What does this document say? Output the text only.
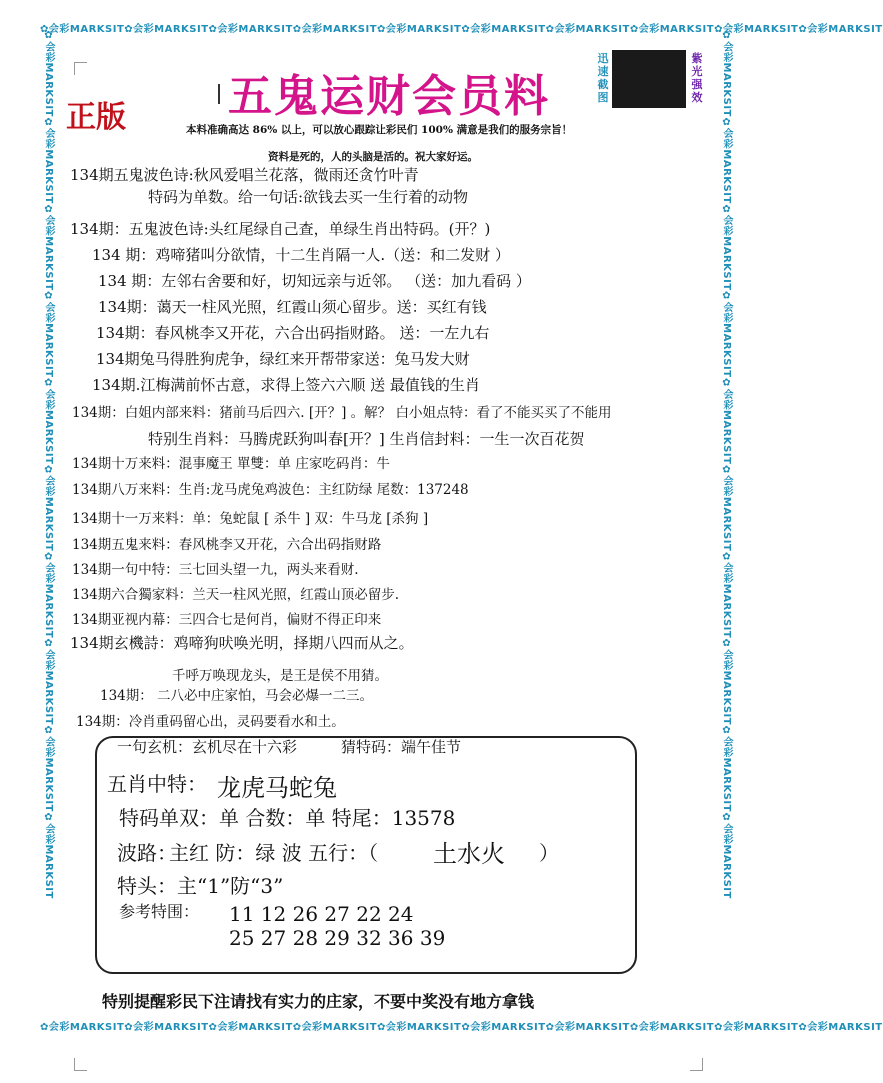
✿会彩MARKSIT✿会彩MARKSIT✿会彩MARKSIT✿会彩MARKSIT✿会彩MARKSIT✿会彩MARKSIT✿会彩MARKSIT✿会彩MARKSIT✿会彩MARKSIT✿会彩MARKSIT
✿会彩MARKSIT✿会彩MARKSIT✿会彩MARKSIT✿会彩MARKSIT✿会彩MARKSIT✿会彩MARKSIT✿会彩MARKSIT✿会彩MARKSIT✿会彩MARKSIT✿会彩MARKSIT
✿会彩MARKSIT✿会彩MARKSIT✿会彩MARKSIT✿会彩MARKSIT✿会彩MARKSIT✿会彩MARKSIT✿会彩MARKSIT✿会彩MARKSIT✿会彩MARKSIT✿会彩MARKSIT	✿会彩MARKSIT✿会彩MARKSIT✿会彩MARKSIT✿会彩MARKSIT✿会彩MARKSIT✿会彩MARKSIT✿会彩MARKSIT✿会彩MARKSIT✿会彩MARKSIT✿会彩MARKSIT
五鬼运财会员料
正版
迅速截图
紫光强效
本料准确高达 86% 以上，可以放心跟踪让彩民们 100% 满意是我们的服务宗旨！
资料是死的，人的头脑是活的。祝大家好运。
134期五鬼波色诗:秋风爱唱兰花落，微雨还贪竹叶青
特码为单数。给一句话:欲钱去买一生行着的动物
134期：五鬼波色诗:头红尾绿自己查，单绿生肖出特码。(开？)
134 期：鸡啼猪叫分欲情，十二生肖隔一人.（送：和二发财 ）
134 期：左邻右舍要和好，切知远亲与近邻。 （送：加九看码 ）
134期：蔼天一柱风光照，红霞山须心留步。送：买红有钱
134期：春风桃李又开花，六合出码指财路。 送：一左九右
134期兔马得胜狗虎争，绿红来开帮带家送：兔马发大财
134期.江梅满前怀古意，求得上签六六顺 送 最值钱的生肖
134期：白姐内部来料：猪前马后四六. [开？] 。解？ 白小姐点特：看了不能买买了不能用
特别生肖料：马腾虎跃狗叫春[开？] 生肖信封料：一生一次百花贺
134期十万来料：混事魔王 單雙：单 庄家吃码肖：牛
134期八万来料：生肖:龙马虎兔鸡波色：主红防绿 尾数：137248
134期十一万来料：单：兔蛇鼠 [ 杀牛 ] 双：牛马龙 [杀狗 ]
134期五鬼来料：春风桃李又开花，六合出码指财路
134期一句中特：三七回头望一九，两头来看财.
134期六合獨家料：兰天一柱风光照，红霞山顶必留步.
134期亚视内幕：三四合七是何肖，偏财不得正印来
134期玄機詩：鸡啼狗吠唤光明，择期八四而从之。
千呼万唤现龙头，是王是侯不用猜。
134期： 二八必中庄家怕，马会必爆一二三。
134期：冷肖重码留心出，灵码要看水和土。
一句玄机：玄机尽在十六彩	猜特码：端午佳节
五肖中特： 龙虎马蛇兔
特码单双：单 合数：单 特尾：13578
波路：
主红 防：绿 波 五行：（ 土水火 ）
特头：主“1”防“3”
参考特围： 11 12 26 27 22 24
25 27 28 29 32 36 39
特别提醒彩民下注请找有实力的庄家，不要中奖没有地方拿钱
